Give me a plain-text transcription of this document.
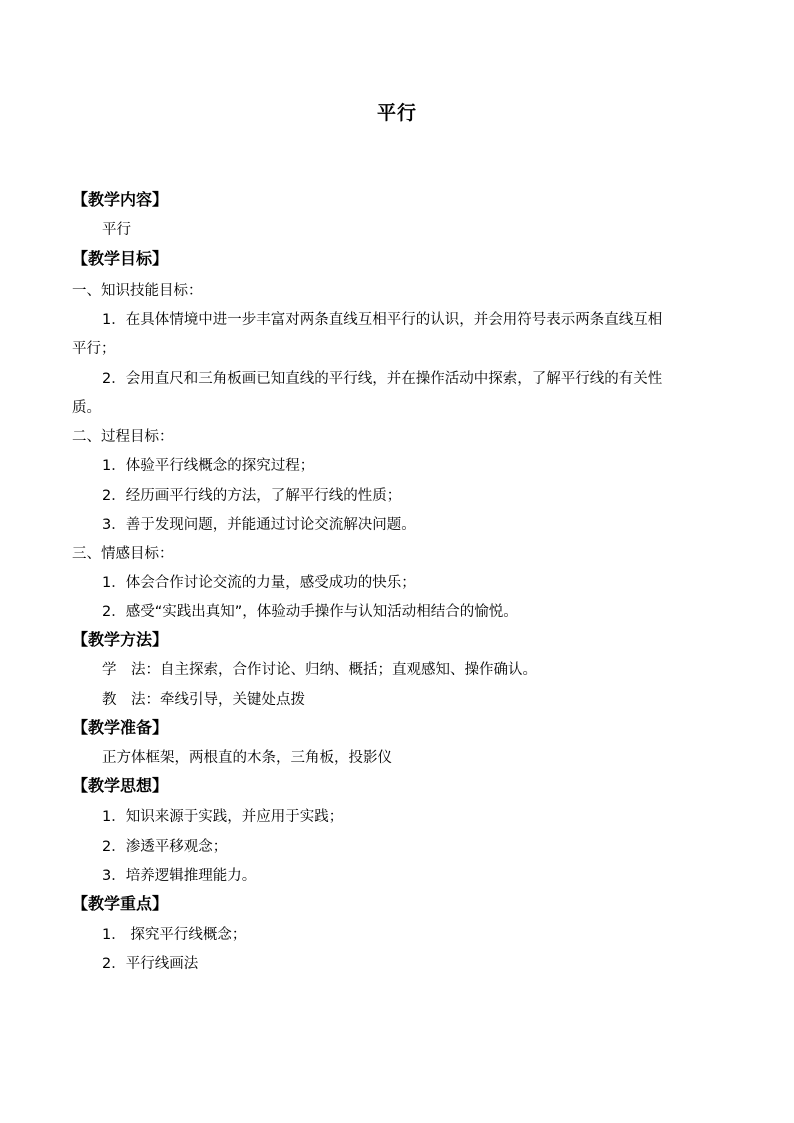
平行
【教学内容】
平行
【教学目标】
一、知识技能目标：
1．在具体情境中进一步丰富对两条直线互相平行的认识，并会用符号表示两条直线互相
平行；
2．会用直尺和三角板画已知直线的平行线，并在操作活动中探索，了解平行线的有关性
质。
二、过程目标：
1．体验平行线概念的探究过程；
2．经历画平行线的方法，了解平行线的性质；
3．善于发现问题，并能通过讨论交流解决问题。
三、情感目标：
1．体会合作讨论交流的力量，感受成功的快乐；
2．感受“实践出真知”，体验动手操作与认知活动相结合的愉悦。
【教学方法】
学　法：自主探索，合作讨论、归纳、概括；直观感知、操作确认。
教　法：牵线引导，关键处点拨
【教学准备】
正方体框架，两根直的木条，三角板，投影仪
【教学思想】
1．知识来源于实践，并应用于实践；
2．渗透平移观念；
3．培养逻辑推理能力。
【教学重点】
1． 探究平行线概念；
2．平行线画法
